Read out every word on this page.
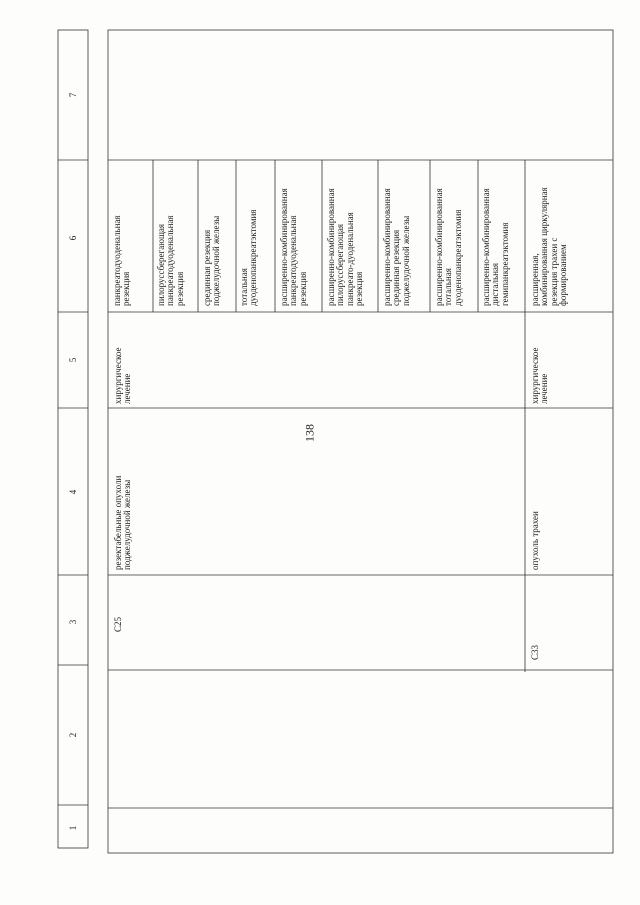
138
1
2
3
4
5
6
7
C25
резектабельные опухоли
поджелудочной железы
хирургическое
лечение
панкреатодуоденальная
резекция	пилоруссберегающая
панкреатодуоденальная
резекция срединная резекция
поджелудочной железы
тотальная
дуоденопанкреатэктомия расширенно-комбинированная
панкреатодуоденальная
резекция расширенно-комбинированная
пилоруссберегающая
панкреато-дуоденальная
резекция расширенно-комбинированная
срединная резекция
поджелудочной железы	расширенно-комбинированная
тотальная
дуоденопанкреатэктомия расширенно-комбинированная
дистальная
гемипанкреатэктомия
C33
опухоль трахеи
хирургическое
лечение
расширенная,
комбинированная циркулярная
резекция трахеи с
формированием
